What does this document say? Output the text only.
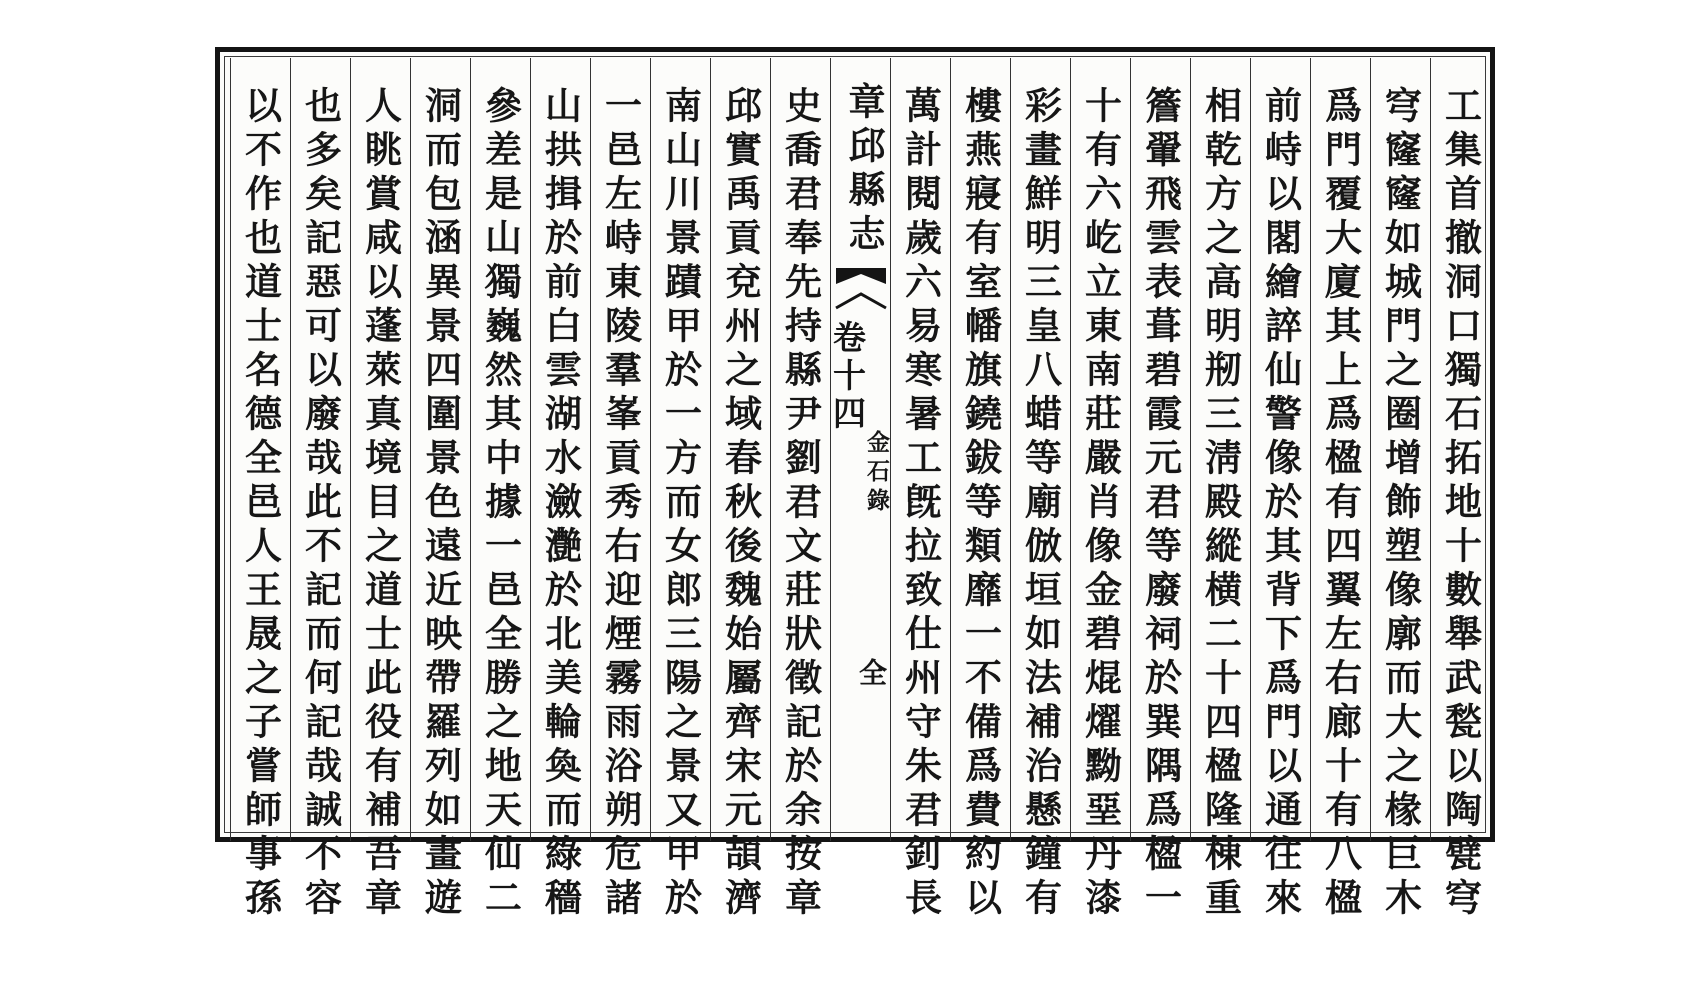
工集首撤洞口獨石拓地十數舉武甃以陶甓穹
穹窿窿如城門之圈增飾塑像廓而大之椽巨木
爲門覆大廈其上爲楹有四翼左右廊十有八楹
前峙以閣繪誶仙警像於其背下爲門以通往來
相乾方之高明剏三淸殿縱横二十四楹隆棟重
簷翬飛雲表葺碧霞元君等廢祠於巽隅爲楹一
十有六屹立東南莊嚴肖像金碧焜燿黝堊丹漆
彩畫鮮明三皇八蜡等廟倣垣如法補治懸鐘有
樓燕寢有室幡旗鐃鈸等類靡一不備爲費約以
萬計閱歲六易寒暑工旣拉致仕州守朱君釗長
章邱縣志
卷十四
金石錄
全
史喬君奉先持縣尹劉君文莊狀徵記於余按章
邱實禹貢兗州之域春秋後魏始屬齊宋元頡濟
南山川景蹟甲於一方而女郎三陽之景又甲於
一邑左峙東陵羣峯貢秀右迎煙霧雨浴朔危諸
山拱揖於前白雲湖水瀲灔於北美輪奐而綠穡
參差是山獨巍然其中據一邑全勝之地天仙二
洞而包涵異景四圍景色遠近映帶羅列如畫遊
人眺賞咸以蓬萊真境目之道士此役有補吾章
也多矣記惡可以廢哉此不記而何記哉誠不容
以不作也道士名德全邑人王晟之子嘗師事孫
